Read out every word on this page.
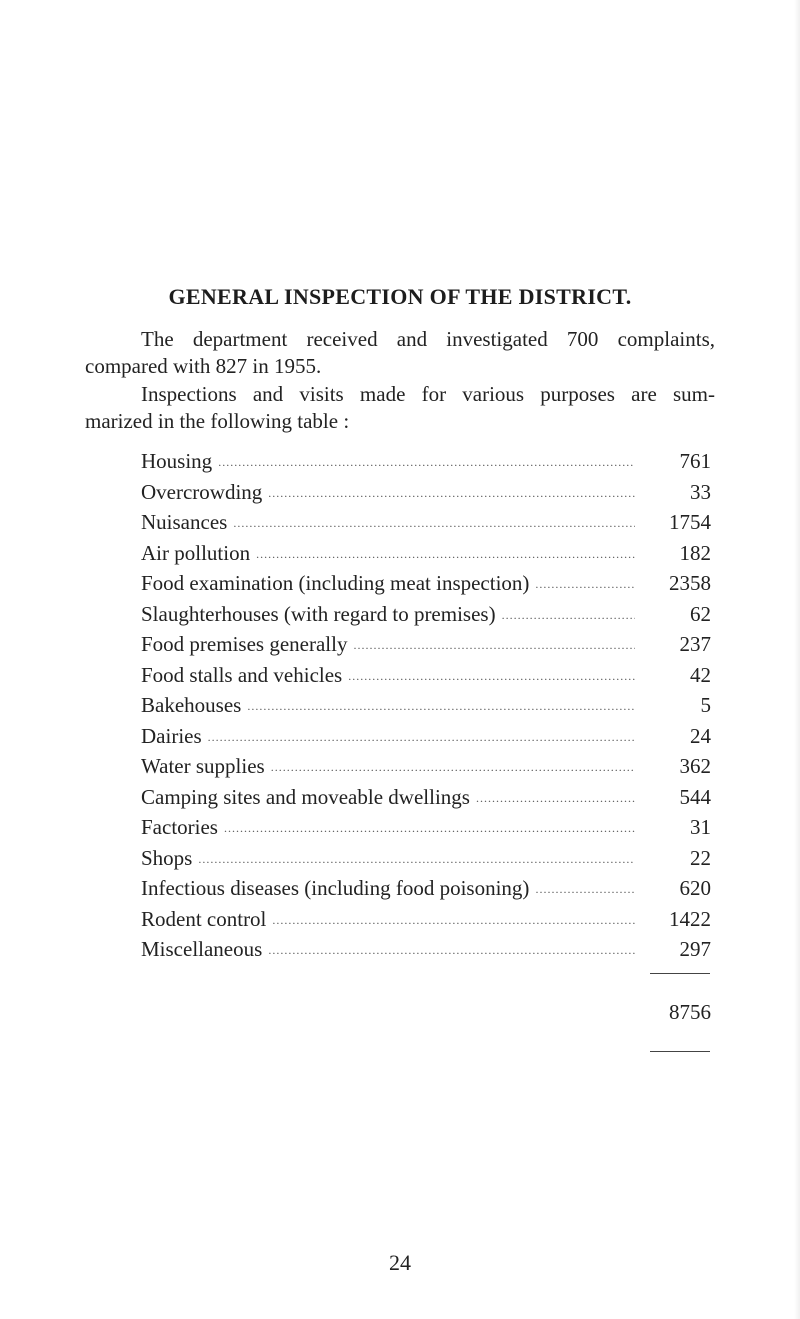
GENERAL INSPECTION OF THE DISTRICT.
The department received and investigated 700 complaints,
compared with 827 in 1955.
Inspections and visits made for various purposes are sum-
marized in the following table :
Housing .....	761
Overcrowding .....	33
Nuisances .....	1754
Air pollution .....	182
Food examination (including meat inspection) .....	2358
Slaughterhouses (with regard to premises) .....	62
Food premises generally .....	237
Food stalls and vehicles .....	42
Bakehouses .....	5
Dairies .....	24
Water supplies .....	362
Camping sites and moveable dwellings .....	544
Factories .....	31
Shops .....	22
Infectious diseases (including food poisoning) .....	620
Rodent control .....	1422
Miscellaneous .....	297
8756
24
